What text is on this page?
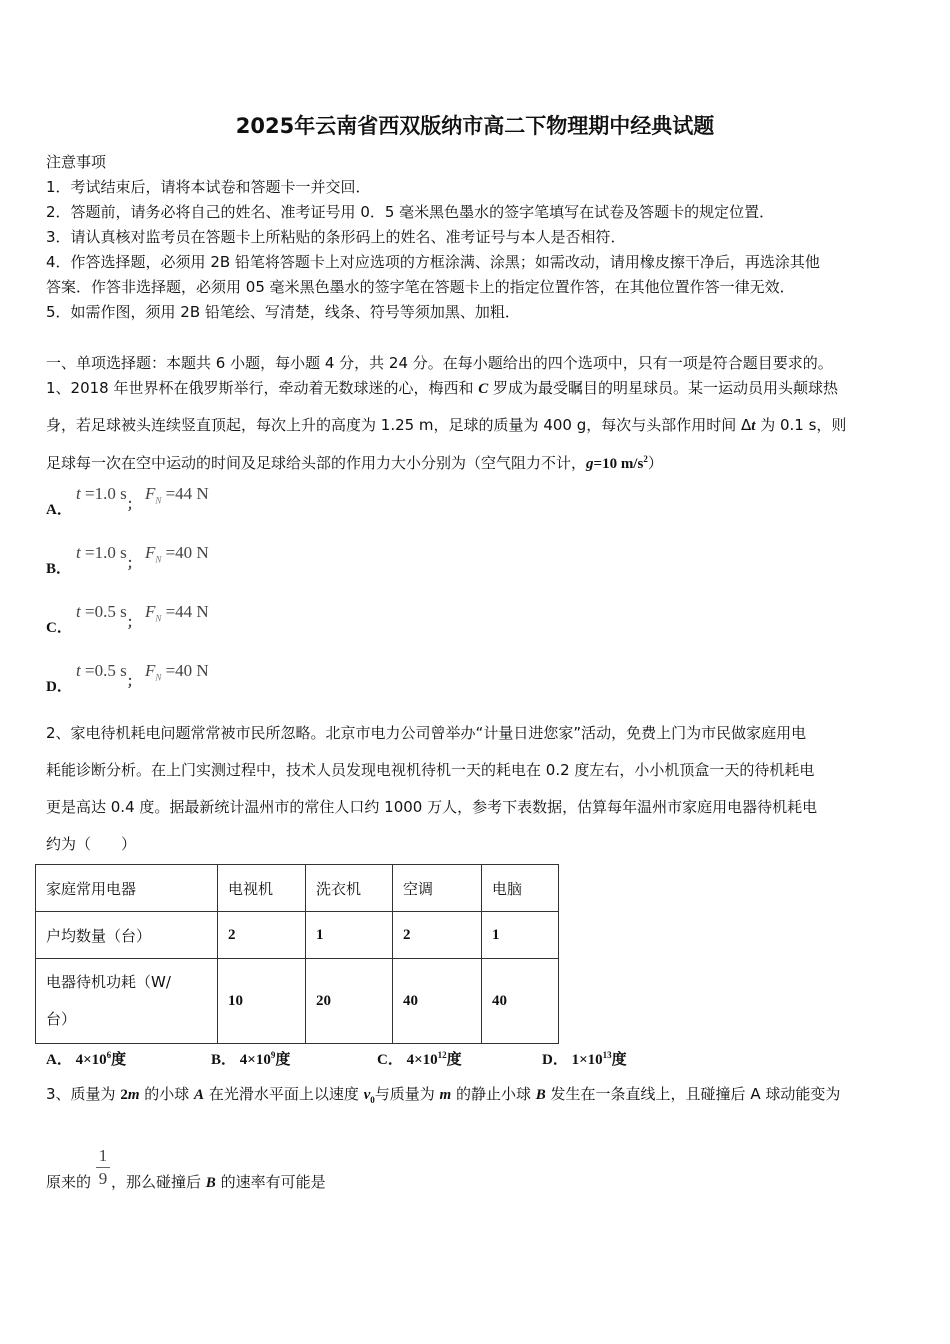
2025年云南省西双版纳市高二下物理期中经典试题
注意事项
1．考试结束后，请将本试卷和答题卡一并交回．
2．答题前，请务必将自己的姓名、准考证号用 0．5 毫米黑色墨水的签字笔填写在试卷及答题卡的规定位置．
3．请认真核对监考员在答题卡上所粘贴的条形码上的姓名、准考证号与本人是否相符．
4．作答选择题，必须用 2B 铅笔将答题卡上对应选项的方框涂满、涂黑；如需改动，请用橡皮擦干净后，再选涂其他
答案．作答非选择题，必须用 05 毫米黑色墨水的签字笔在答题卡上的指定位置作答，在其他位置作答一律无效．
5．如需作图，须用 2B 铅笔绘、写清楚，线条、符号等须加黑、加粗．
一、单项选择题：本题共 6 小题，每小题 4 分，共 24 分。在每小题给出的四个选项中，只有一项是符合题目要求的。
1、2018 年世界杯在俄罗斯举行，牵动着无数球迷的心，梅西和 C 罗成为最受瞩目的明星球员。某一运动员用头颠球热
身，若足球被头连续竖直顶起，每次上升的高度为 1.25 m，足球的质量为 400 g，每次与头部作用时间 Δt 为 0.1 s，则
足球每一次在空中运动的时间及足球给头部的作用力大小分别为（空气阻力不计，g=10 $m/s^2$）
A．
t =1.0 $s_;$ $F_N =44$ N
B．
t =1.0 $s_;$ $F_N =40$ N
C．
t =0.5 $s_;$ $F_N =44$ N
D．
t =0.5 $s_;$ $F_N =40$ N
2、家电待机耗电问题常常被市民所忽略。北京市电力公司曾举办“计量日进您家”活动，免费上门为市民做家庭用电
耗能诊断分析。在上门实测过程中，技术人员发现电视机待机一天的耗电在 0.2 度左右，小小机顶盒一天的待机耗电
更是高达 0.4 度。据最新统计温州市的常住人口约 1000 万人，参考下表数据，估算每年温州市家庭用电器待机耗电
约为（　　）
家庭常用电器	电视机	洗衣机	空调	电脑
户均数量（台）	2	1	2	1

电器待机功耗（W/
台）	10	20	40	40
A． $4\times 10^6$度	B． $4\times 10^9$度	C． $4\times 10^{12}$度	D． $1\times 10^{13}$度
3、质量为 2m 的小球 A 在光滑水平面上以速度 $v_0$与质量为 m 的静止小球 B 发生在一条直线上，且碰撞后 A 球动能变为
1
9
原来的 ，那么碰撞后 B 的速率有可能是
